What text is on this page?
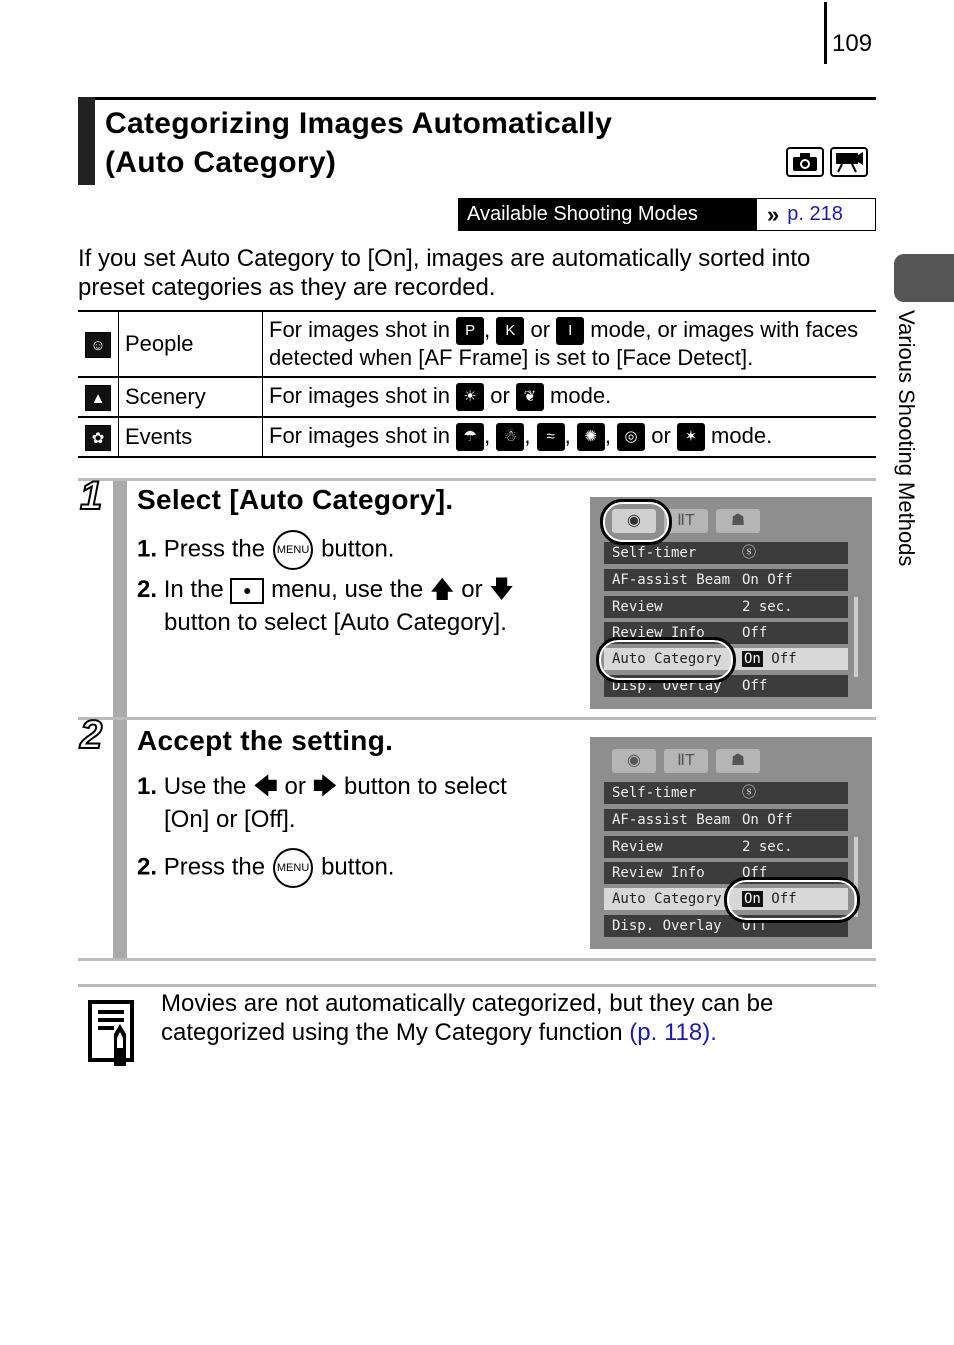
109
Various Shooting Methods
Categorizing Images Automatically
(Auto Category)
Available Shooting Modes	» p. 218
If you set Auto Category to [On], images are automatically sorted into preset categories as they are recorded.
☺	People	For images shot in P , K or I mode, or images with faces detected when [AF Frame] is set to [Face Detect].
▲	Scenery	For images shot in ☀ or ❦ mode.
✿	Events	For images shot in ☂ , ☃ , ≈ , ✺ , ◎ or ✶ mode.
1 Select [Auto Category].
1. Press the MENU button.
2. In the ● menu, use the 🡅 or 🡇
button to select [Auto Category].
◉	ⅡT	☗
Self-timer	ⓢ
AF-assist Beam On Off
Review	2 sec.
Review Info	Off
Auto Category On Off
Disp. Overlay Off
2 Accept the setting.
1. Use the 🡄 or 🡆 button to select
[On] or [Off].
2. Press the MENU button.
◉	ⅡT	☗
Self-timer	ⓢ
AF-assist Beam On Off
Review	2 sec.
Review Info	Off
Auto Category On Off
Disp. Overlay Off
Movies are not automatically categorized, but they can be categorized using the My Category function (p. 118).
